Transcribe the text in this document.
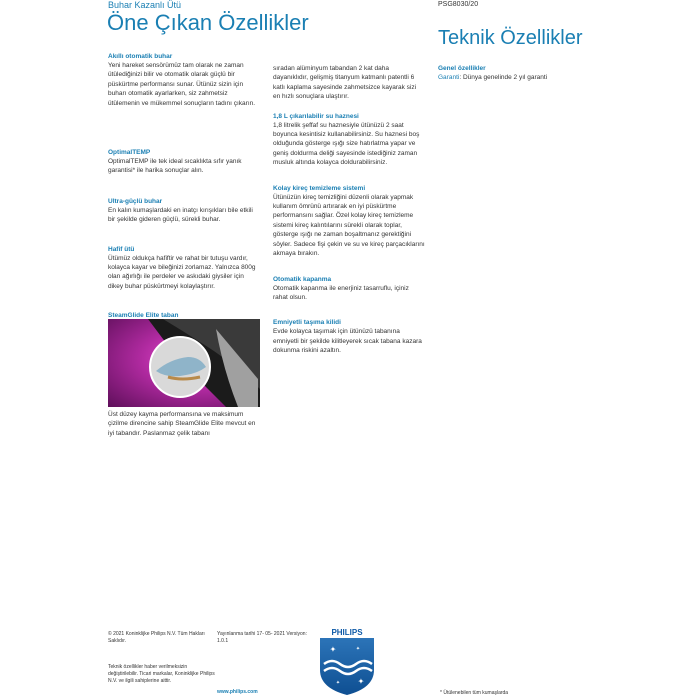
Buhar Kazanlı Ütü
Öne Çıkan Özellikler
PSG8030/20
Teknik Özellikler
Genel özellikler
Garanti: Dünya genelinde 2 yıl garanti
Akıllı otomatik buhar
Yeni hareket sensörümüz tam olarak ne zaman ütülediğinizi bilir ve otomatik olarak güçlü bir püskürtme performansı sunar. Ütünüz sizin için buharı otomatik ayarlarken, siz zahmetsiz ütülemenin ve mükemmel sonuçların tadını çıkarın.
OptimalTEMP
OptimalTEMP ile tek ideal sıcaklıkta sıfır yanık garantisi* ile harika sonuçlar alın.
Ultra-güçlü buhar
En kalın kumaşlardaki en inatçı kırışıkları bile etkili bir şekilde gideren güçlü, sürekli buhar.
Hafif ütü
Ütümüz oldukça hafiftir ve rahat bir tutuşu vardır, kolayca kayar ve bileğinizi zorlamaz. Yalnızca 800g olan ağırlığı ile perdeler ve askıdaki giysiler için dikey buhar püskürtmeyi kolaylaştırır.
SteamGlide Elite taban
Üst düzey kayma performansına ve maksimum çizilme direncine sahip SteamGlide Elite mevcut en iyi tabandır. Paslanmaz çelik tabanı
sıradan alüminyum tabandan 2 kat daha dayanıklıdır, gelişmiş titanyum katmanlı patentli 6 katlı kaplama sayesinde zahmetsizce kayarak sizi en hızlı sonuçlara ulaştırır.
1,8 L çıkarılabilir su haznesi
1,8 litrelik şeffaf su haznesiyle ütünüzü 2 saat boyunca kesintisiz kullanabilirsiniz. Su haznesi boş olduğunda gösterge ışığı size hatırlatma yapar ve geniş doldurma deliği sayesinde istediğiniz zaman musluk altında kolayca doldurabilirsiniz.
Kolay kireç temizleme sistemi
Ütünüzün kireç temizliğini düzenli olarak yapmak kullanım ömrünü artırarak en iyi püskürtme performansını sağlar. Özel kolay kireç temizleme sistemi kireç kalıntılarını sürekli olarak toplar, gösterge ışığı ne zaman boşaltmanız gerektiğini söyler. Sadece fişi çekin ve su ve kireç parçacıklarını akmaya bırakın.
Otomatik kapanma
Otomatik kapanma ile enerjiniz tasarruflu, içiniz rahat olsun.
Emniyetli taşıma kilidi
Evde kolayca taşımak için ütünüzü tabanına emniyetli bir şekilde kilitleyerek sıcak tabana kazara dokunma riskini azaltın.
© 2021 Koninklijke Philips N.V. Tüm Hakları Saklıdır.
Yayınlanma tarihi 17- 05- 2021 Versiyon: 1.0.1
Teknik özellikler haber verilmeksizin değiştirilebilir. Ticari markalar, Koninklijke Philips N.V. ve ilgili sahiplerine aittir.
www.philips.com	* Ütülenebilen tüm kumaşlarda
PHILIPS
✦
✦
✦
✦
